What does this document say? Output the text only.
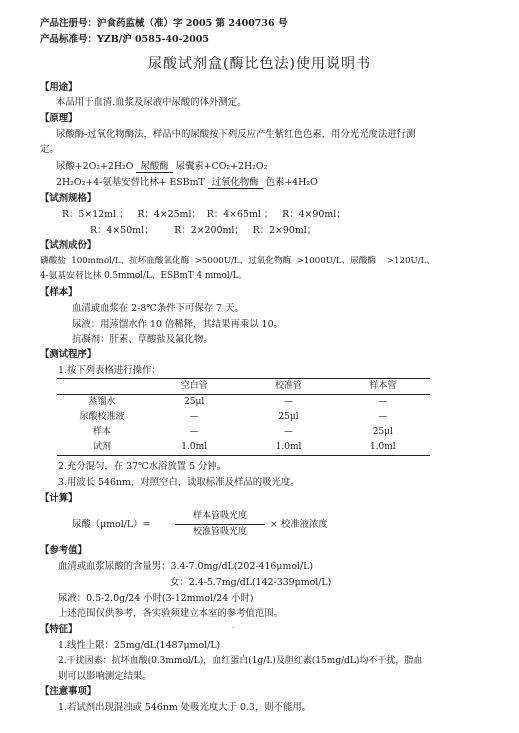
产品注册号：沪食药监械（准）字 2005 第 2400736 号
产品标准号：YZB/沪 0585-40-2005
尿酸试剂盒(酶比色法)使用说明书
【用途】
本品用于血清.血浆及尿液中尿酸的体外测定。
【原理】
尿酸酶-过氧化物酶法，样品中的尿酸按下列反应产生紫红色色素，用分光光度法进行测
定。
尿酸+2O₂+2H₂O 尿酸酶 尿囊素+CO₂+2H₂O₂
2H₂O₂+4-氨基安替比林+ ESBmT 过氧化物酶 色素+4H₂O
【试剂规格】
R：5×12ml ；   R：4×25ml；  R：4×65ml ；   R：4×90ml；
R：4×50ml；       R：2×200ml；   R：2×90ml；
【试剂成份】
磷酸盐  100mmol/L、抗坏血酸氧化酶  >5000U/L、过氧化物酶  >1000U/L、尿酸酶    >120U/L、
4-氨基安替比林 0.5mmol/L、ESBmT 4 mmol/L。
【样本】
血清或血浆在 2-8℃条件下可保存 7 天。
尿液：用蒸馏水作 10 倍稀释，其结果再乘以 10。
抗凝剂：肝素、草酸盐及氟化物。
【测试程序】
1.按下列表格进行操作：
	空白管	校准管	样本管
蒸馏水	25μl	—	—
尿酸校准液	—	25μl	—
样本	—	—	25μl
试剂	1.0ml	1.0ml	1.0ml
2.充分混匀，在 37℃水浴放置 5 分钟。
3.用波长 546nm，对照空白，读取标准及样品的吸光度。
【计算】
尿酸（μmol/L）=
样本管吸光度
校准管吸光度
× 校准液浓度
【参考值】
血清或血浆尿酸的含量男：3.4-7.0mg/dL(202-416μmol/L)
女：2.4-5.7mg/dL(142-339μmol/L)
尿液：0.5-2.0g/24 小时(3-12mmol/24 小时)
上述范围仅供参考，各实验须建立本室的参考值范围。
.
【特征】
1.线性上限：25mg/dL(1487μmol/L)
2.干扰因素：抗坏血酸(0.3mmol/L)，血红蛋白(1g/L)及胆红素(15mg/dL)均不干扰，脂血
则可以影响测定结果。
【注意事项】
1.若试剂出现混浊或 546nm 处吸光度大于 0.3，则不能用。
